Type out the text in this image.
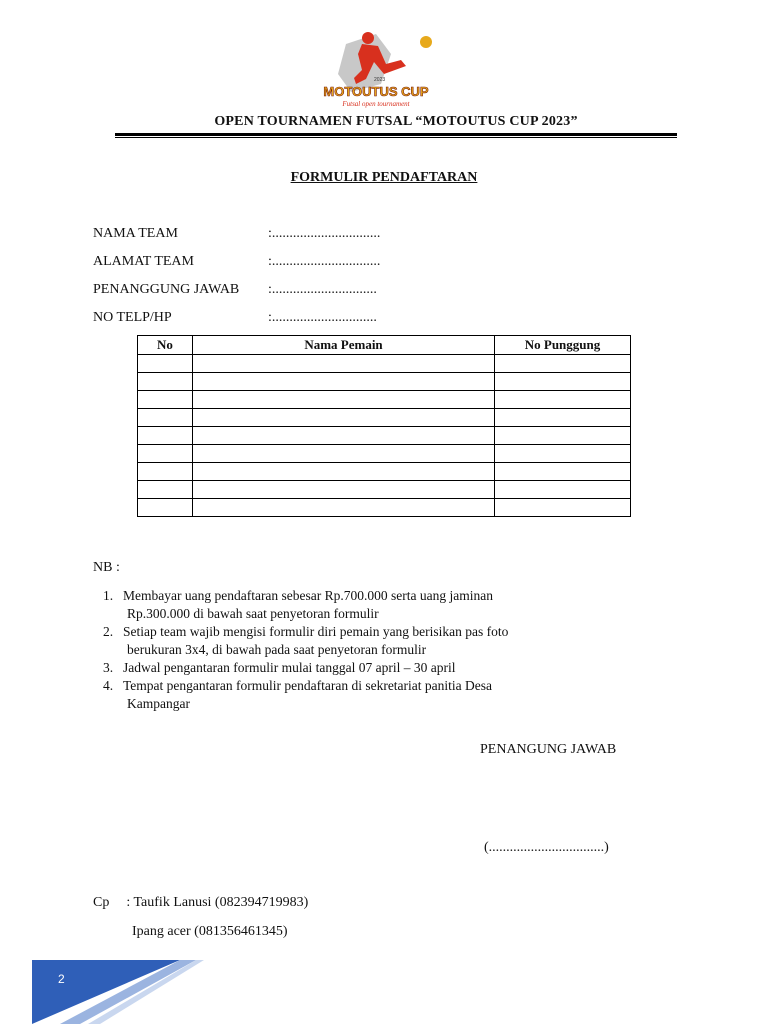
2023
MOTOUTUS CUP
Futsal open tournament
OPEN TOURNAMEN FUTSAL “MOTOUTUS CUP 2023”
FORMULIR PENDAFTARAN
NAMA TEAM	:...............................
ALAMAT TEAM	:...............................
PENANGGUNG JAWAB :..............................
NO TELP/HP	:..............................
No	Nama Pemain	No Punggung

NB :
1. Membayar uang pendaftaran sebesar Rp.700.000 serta uang jaminan
Rp.300.000 di bawah saat penyetoran formulir
2. Setiap team wajib mengisi formulir diri pemain yang berisikan pas foto
berukuran 3x4, di bawah pada saat penyetoran formulir
3. Jadwal pengantaran formulir mulai tanggal 07 april – 30 april
4. Tempat pengantaran formulir pendaftaran di sekretariat panitia Desa
Kampangar
PENANGUNG JAWAB
(.................................)
Cp : Taufik Lanusi (082394719983)
Ipang acer (081356461345)
2
